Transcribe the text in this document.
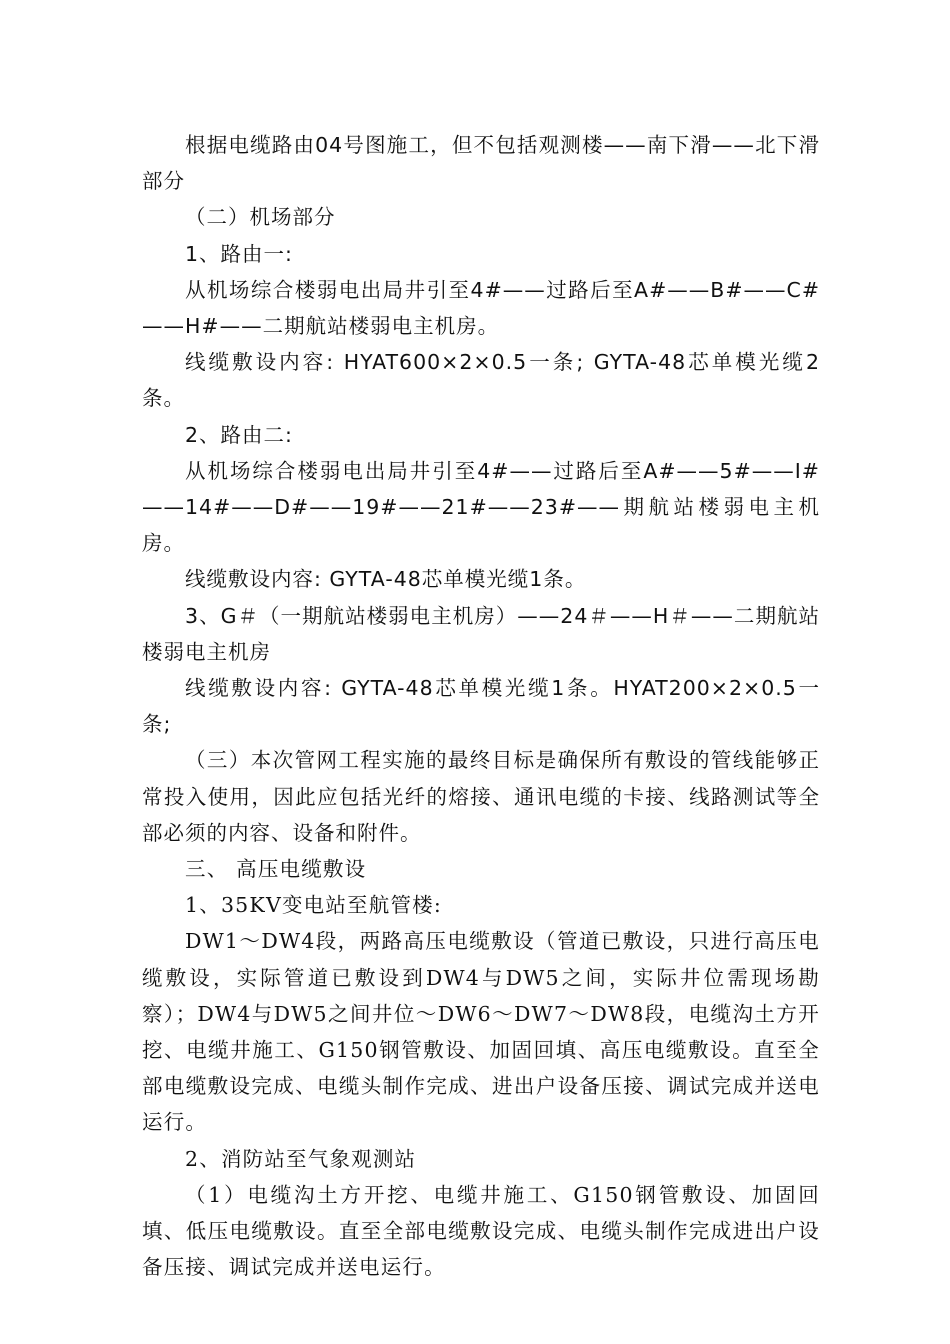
根据电缆路由04号图施工，但不包括观测楼——南下滑——北下滑部分

（二）机场部分

1、路由一:

从机场综合楼弱电出局井引至4#——过路后至A#——B#——C#——H#——二期航站楼弱电主机房。

线缆敷设内容: HYAT600×2×0.5一条; GYTA-48芯单模光缆2条。

2、路由二:

从机场综合楼弱电出局井引至4#——过路后至A#——5#——I#——14#——D#——19#——21#——23#——期航站楼弱电主机房。

线缆敷设内容: GYTA-48芯单模光缆1条。

3、G＃（一期航站楼弱电主机房）——24＃——H＃——二期航站楼弱电主机房

线缆敷设内容: GYTA-48芯单模光缆1条。HYAT200×2×0.5一条;

（三）本次管网工程实施的最终目标是确保所有敷设的管线能够正常投入使用，因此应包括光纤的熔接、通讯电缆的卡接、线路测试等全部必须的内容、设备和附件。

三、 高压电缆敷设

1、35KV变电站至航管楼:

DW1～DW4段，两路高压电缆敷设（管道已敷设，只进行高压电缆敷设，实际管道已敷设到DW4与DW5之间，实际井位需现场勘察）；DW4与DW5之间井位～DW6～DW7～DW8段，电缆沟土方开挖、电缆井施工、G150钢管敷设、加固回填、高压电缆敷设。直至全部电缆敷设完成、电缆头制作完成、进出户设备压接、调试完成并送电运行。

2、消防站至气象观测站

（1）电缆沟土方开挖、电缆井施工、G150钢管敷设、加固回填、低压电缆敷设。直至全部电缆敷设完成、电缆头制作完成进出户设备压接、调试完成并送电运行。
